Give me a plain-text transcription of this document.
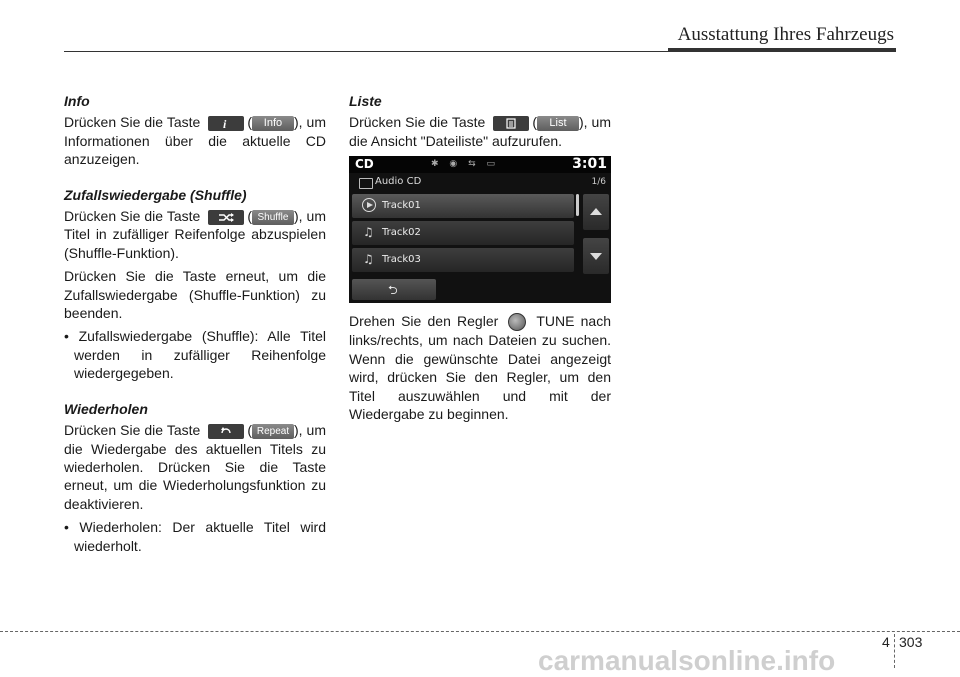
Ausstattung Ihres Fahrzeugs
Info

Drücken Sie die Taste i ( Info ), um Informationen über die aktuelle CD anzuzeigen.

Zufallswiedergabe (Shuffle)

Drücken Sie die Taste	( Shuffle ), um Titel in zufälliger Reifenfolge abzuspielen (Shuffle-Funktion).

Drücken Sie die Taste erneut, um die Zufallswiedergabe (Shuffle-Funktion) zu beenden.

• Zufallswiedergabe (Shuffle): Alle Titel werden in zufälliger Reihenfolge wiedergegeben.

Wiederholen

Drücken Sie die Taste	( Repeat ), um die Wiedergabe des aktuellen Titels zu wiederholen. Drücken Sie die Taste erneut, um die Wiederholungsfunktion zu deaktivieren.

• Wiederholen: Der aktuelle Titel wird wiederholt.

Liste

Drücken Sie die Taste	( List ), um die Ansicht "Dateiliste" aufzurufen.

CD	✱ ◉ ⇆ ▭	3:01
Audio CD	1/6
Track01
♫ Track02
♫ Track03
⮌

Drehen Sie den Regler	TUNE nach links/rechts, um nach Dateien zu suchen. Wenn die gewünschte Datei angezeigt wird, drücken Sie den Regler, um den Titel auszuwählen und mit der Wiedergabe zu beginnen.

4 303
carmanualsonline.info
